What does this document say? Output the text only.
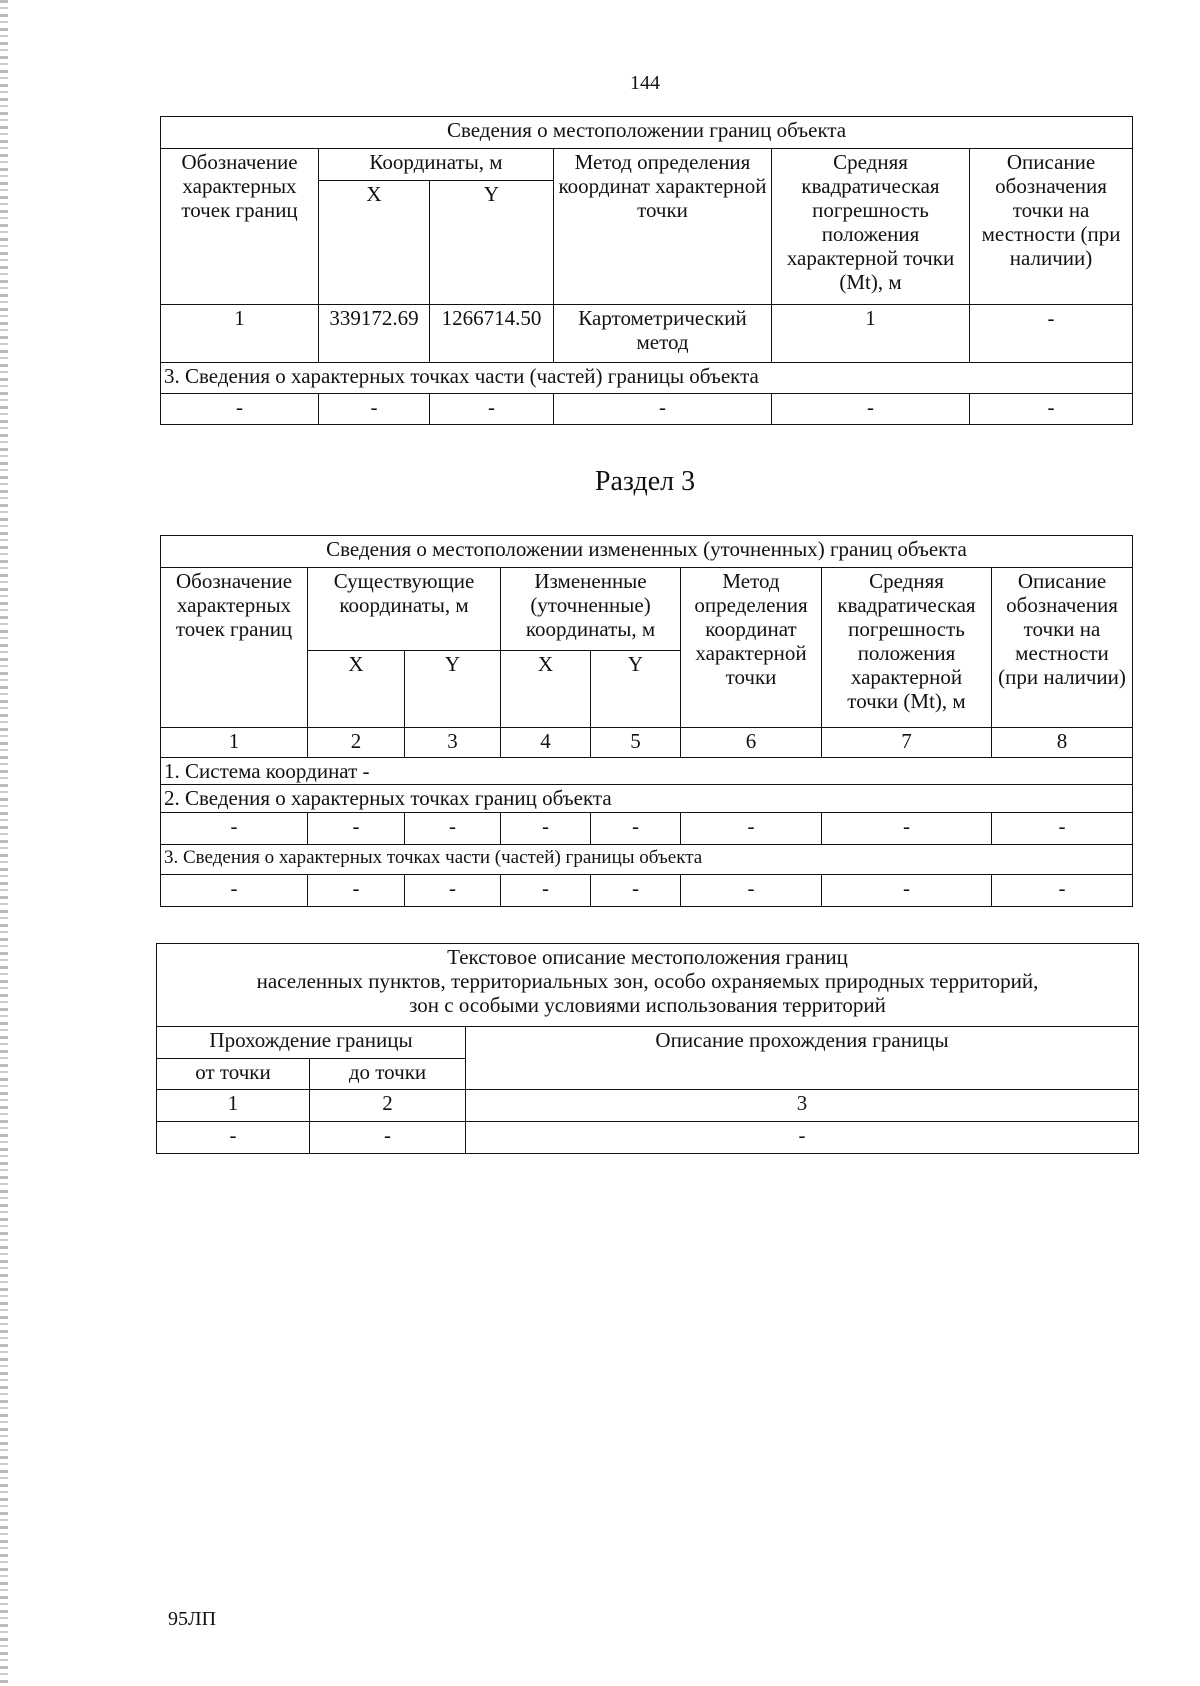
144
Сведения о местоположении границ объекта					
Обозначение характерных точек границ	Координаты, м		Метод определения координат характерной точки	Средняя квадратическая погрешность положения характерной точки (Mt), м	Описание обозначения точки на местности (при наличии)
	X	Y			
1	339172.69	1266714.50	Картометрический метод	1	-
3. Сведения о характерных точках части (частей) границы объекта					
-	-	-	-	-	-
Раздел 3
Сведения о местоположении измененных (уточненных) границ объекта							
Обозначение характерных точек границ	Существующие координаты, м		Измененные (уточненные) координаты, м		Метод определения координат характерной точки	Средняя квадратическая погрешность положения характерной точки (Mt), м	Описание обозначения точки на местности (при наличии)
	X	Y	X	Y			
1	2	3	4	5	6	7	8
1. Система координат -							
2. Сведения о характерных точках границ объекта							
-	-	-	-	-	-	-	-
3. Сведения о характерных точках части (частей) границы объекта							
-	-	-	-	-	-	-	-
Текстовое описание местоположения границ
населенных пунктов, территориальных зон, особо охраняемых природных территорий,
зон с особыми условиями использования территорий		

Прохождение границы		Описание прохождения границы
от точки	до точки	
1	2	3
-	-	-
95ЛП
